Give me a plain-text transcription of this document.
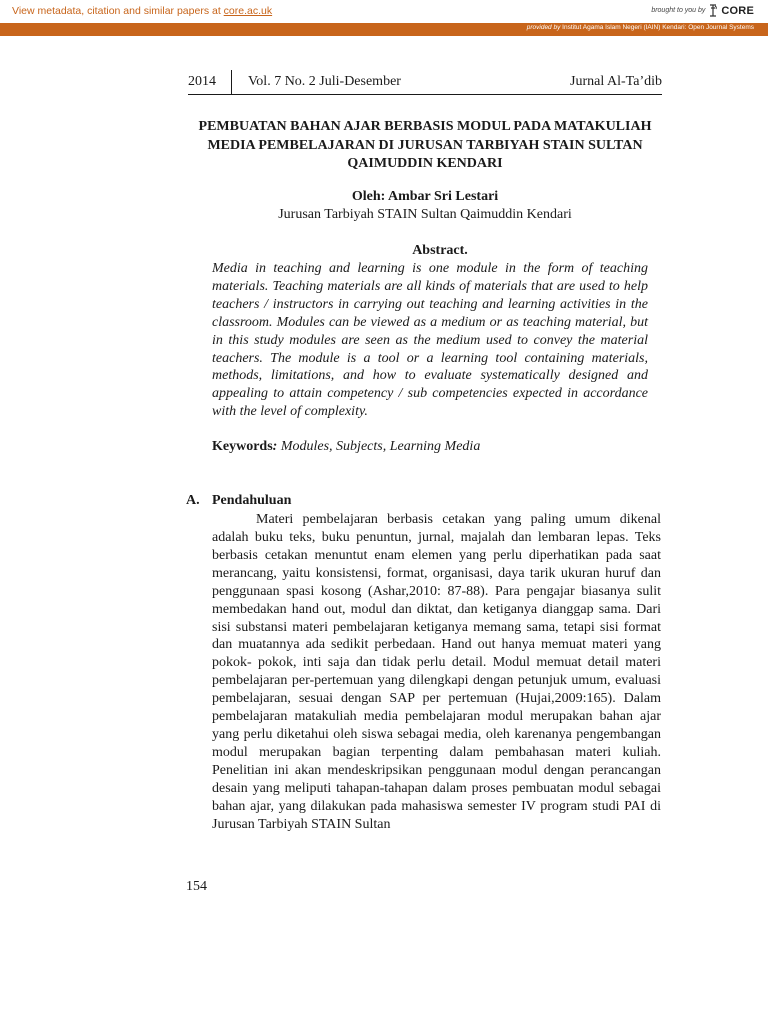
View metadata, citation and similar papers at core.ac.uk	brought to you by CORE
provided by Institut Agama Islam Negeri (IAIN) Kendari: Open Journal Systems
2014 Vol. 7 No. 2 Juli-Desember	Jurnal Al-Ta’dib
PEMBUATAN BAHAN AJAR BERBASIS MODUL PADA MATAKULIAH MEDIA PEMBELAJARAN DI JURUSAN TARBIYAH STAIN SULTAN QAIMUDDIN KENDARI
Oleh: Ambar Sri Lestari
Jurusan Tarbiyah STAIN Sultan Qaimuddin Kendari
Abstract.
Media in teaching and learning is one module in the form of teaching materials. Teaching materials are all kinds of materials that are used to help teachers / instructors in carrying out teaching and learning activities in the classroom. Modules can be viewed as a medium or as teaching material, but in this study modules are seen as the medium used to convey the material teachers. The module is a tool or a learning tool containing materials, methods, limitations, and how to evaluate systematically designed and appealing to attain competency / sub competencies expected in accordance with the level of complexity.
Keywords: Modules, Subjects, Learning Media
A. Pendahuluan
Materi pembelajaran berbasis cetakan yang paling umum dikenal adalah buku teks, buku penuntun, jurnal, majalah dan lembaran lepas. Teks berbasis cetakan menuntut enam elemen yang perlu diperhatikan pada saat merancang, yaitu konsistensi, format, organisasi, daya tarik ukuran huruf dan penggunaan spasi kosong (Ashar,2010: 87-88). Para pengajar biasanya sulit membedakan hand out, modul dan diktat, dan ketiganya dianggap sama. Dari sisi substansi materi pembelajaran ketiganya memang sama, tetapi sisi format dan muatannya ada sedikit perbedaan. Hand out hanya memuat materi yang pokok- pokok, inti saja dan tidak perlu detail. Modul memuat detail materi pembelajaran per-pertemuan yang dilengkapi dengan petunjuk umum, evaluasi pembelajaran, sesuai dengan SAP per pertemuan (Hujai,2009:165). Dalam pembelajaran matakuliah media pembelajaran modul merupakan bahan ajar yang perlu diketahui oleh siswa sebagai media, oleh karenanya pengembangan modul merupakan bagian terpenting dalam pembahasan materi kuliah. Penelitian ini akan mendeskripsikan penggunaan modul dengan perancangan desain yang meliputi tahapan-tahapan dalam proses pembuatan modul sebagai bahan ajar, yang dilakukan pada mahasiswa semester IV program studi PAI di Jurusan Tarbiyah STAIN Sultan
154
